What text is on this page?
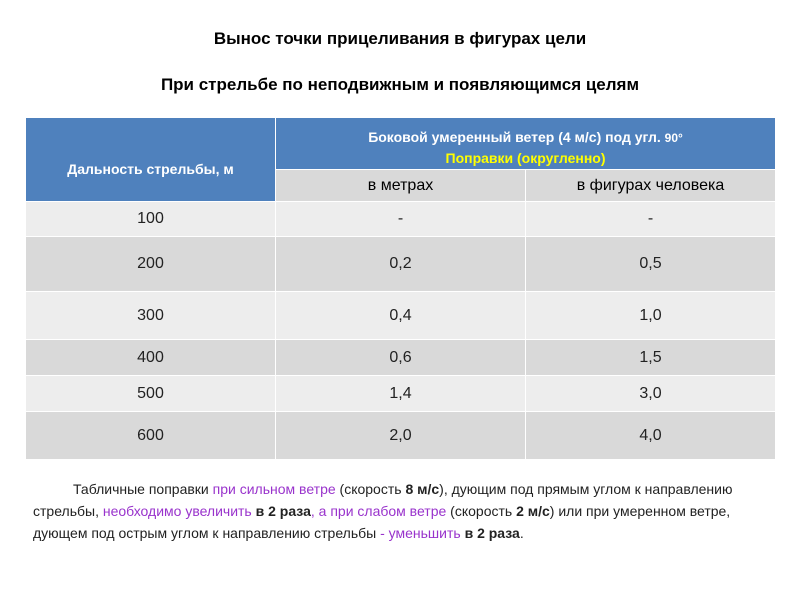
Вынос точки прицеливания в фигурах цели
При стрельбе по неподвижным и появляющимся целям
Дальность стрельбы, м	Боковой умеренный ветер (4 м/с) под угл. 90°
Поправки (округленно)	

	в метрах	в фигурах человека
100	-	-
200	0,2	0,5
300	0,4	1,0
400	0,6	1,5
500	1,4	3,0
600	2,0	4,0
Табличные поправки при сильном ветре (скорость 8 м/с), дующим под прямым углом к направлению стрельбы, необходимо увеличить в 2 раза, а при слабом ветре (скорость 2 м/с) или при умеренном ветре, дующем под острым углом к направлению стрельбы - уменьшить в 2 раза.
